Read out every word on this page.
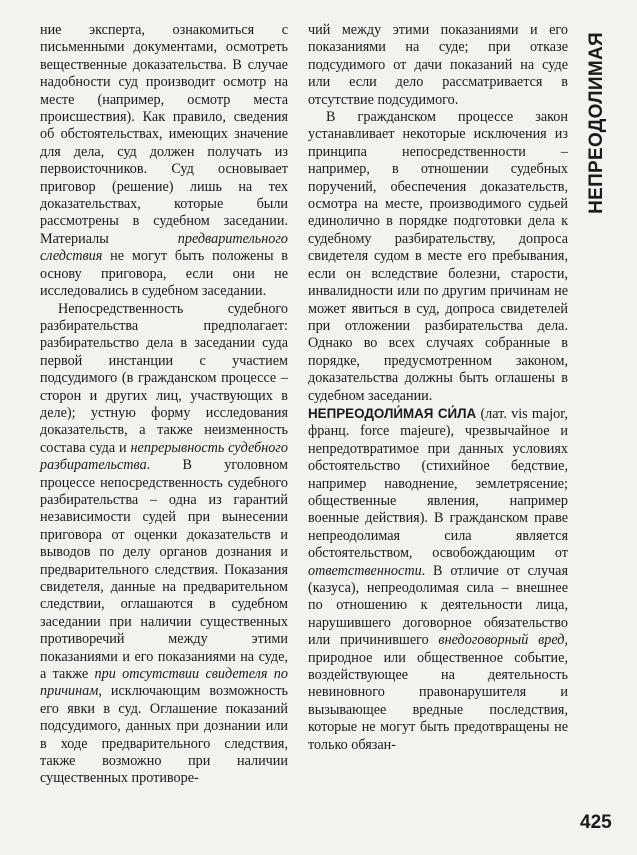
НЕПРЕОДОЛИМАЯ

ние эксперта, ознакомиться с письменными документами, осмотреть вещественные доказательства. В случае надобности суд производит осмотр на месте (например, осмотр места происшествия). Как правило, сведения об обстоятельствах, имеющих значение для дела, суд должен получать из первоисточников. Суд основывает приговор (решение) лишь на тех доказательствах, которые были рассмотрены в судебном заседании. Материалы предварительного следствия не могут быть положены в основу приговора, если они не исследовались в судебном заседании.

Непосредственность судебного разбирательства предполагает: разбирательство дела в заседании суда первой инстанции с участием подсудимого (в гражданском процессе – сторон и других лиц, участвующих в деле); устную форму исследования доказательств, а также неизменность состава суда и непрерывность судебного разбирательства. В уголовном процессе непосредственность судебного разбирательства – одна из гарантий независимости судей при вынесении приговора от оценки доказательств и выводов по делу органов дознания и предварительного следствия. Показания свидетеля, данные на предварительном следствии, оглашаются в судебном заседании при наличии существенных противоречий между этими показаниями и его показаниями на суде, а также при отсутствии свидетеля по причинам, исключающим возможность его явки в суд. Оглашение показаний подсудимого, данных при дознании или в ходе предварительного следствия, также возможно при наличии существенных противоре-

чий между этими показаниями и его показаниями на суде; при отказе подсудимого от дачи показаний на суде или если дело рассматривается в отсутствие подсудимого.

В гражданском процессе закон устанавливает некоторые исключения из принципа непосредственности – например, в отношении судебных поручений, обеспечения доказательств, осмотра на месте, производимого судьей единолично в порядке подготовки дела к судебному разбирательству, допроса свидетеля судом в месте его пребывания, если он вследствие болезни, старости, инвалидности или по другим причинам не может явиться в суд, допроса свидетелей при отложении разбирательства дела. Однако во всех случаях собранные в порядке, предусмотренном законом, доказательства должны быть оглашены в судебном заседании.

НЕПРЕОДОЛИ́МАЯ СИ́ЛА (лат. vis major, франц. force majeure), чрезвычайное и непредотвратимое при данных условиях обстоятельство (стихийное бедствие, например наводнение, землетрясение; общественные явления, например военные действия). В гражданском праве непреодолимая сила является обстоятельством, освобождающим от ответственности. В отличие от случая (казуса), непреодолимая сила – внешнее по отношению к деятельности лица, нарушившего договорное обязательство или причинившего внедоговорный вред, природное или общественное событие, воздействующее на деятельность невиновного правонарушителя и вызывающее вредные последствия, которые не могут быть предотвращены не только обязан-

425
